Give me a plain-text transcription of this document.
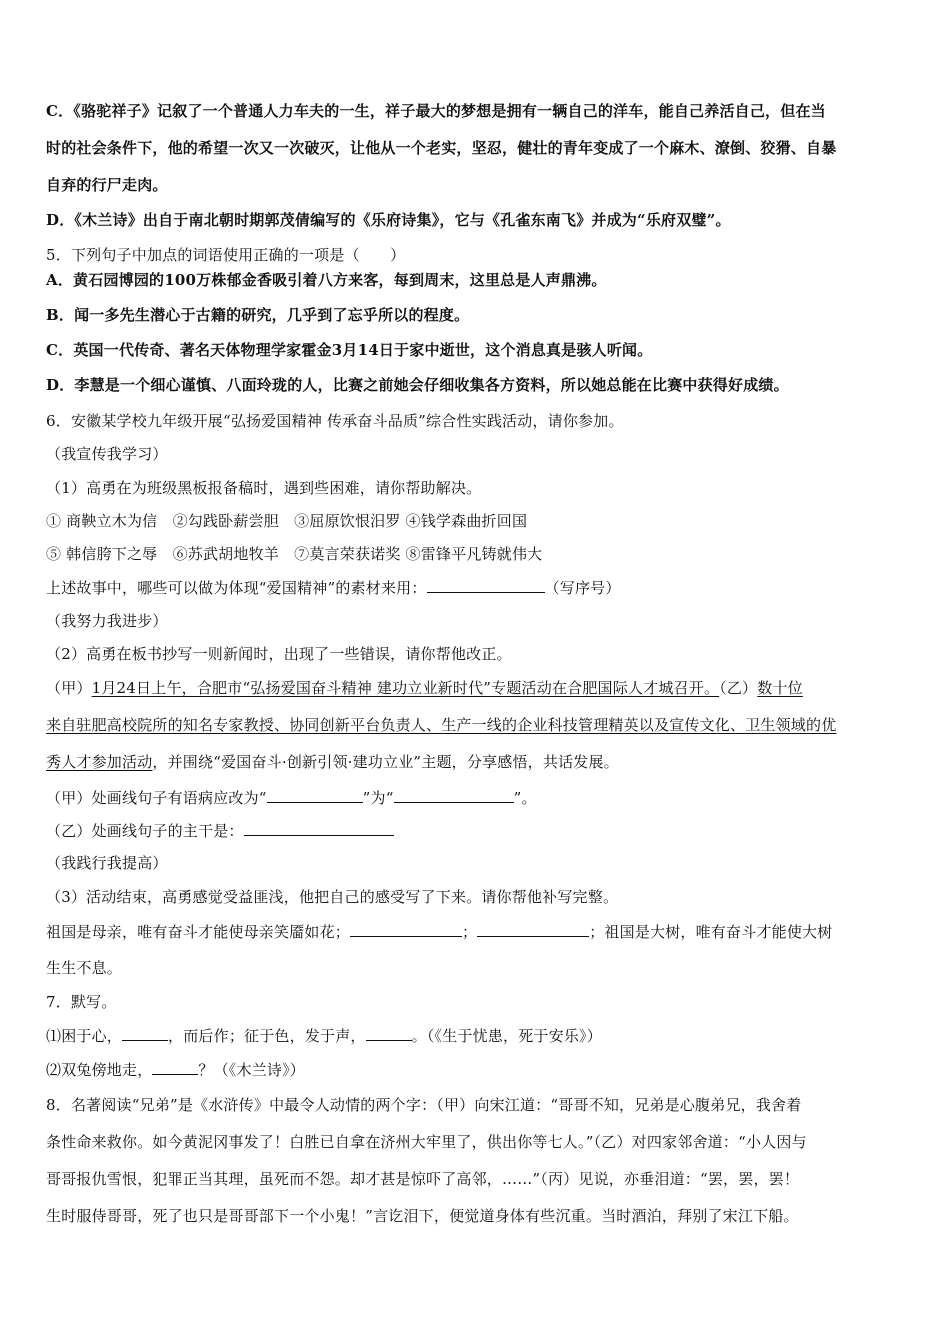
C．《骆驼祥子》记叙了一个普通人力车夫的一生，祥子最大的梦想是拥有一辆自己的洋车，能自己养活自己，但在当
时的社会条件下，他的希望一次又一次破灭，让他从一个老实，坚忍，健壮的青年变成了一个麻木、潦倒、狡猾、自暴
自弃的行尸走肉。
D．《木兰诗》出自于南北朝时期郭茂倩编写的《乐府诗集》，它与《孔雀东南飞》并成为“乐府双璧”。
5．下列句子中加点的词语使用正确的一项是（　　）
A．黄石园博园的100万株郁金香吸引着八方来客，每到周末，这里总是人声鼎沸。
B．闻一多先生潜心于古籍的研究，几乎到了忘乎所以的程度。
C．英国一代传奇、著名天体物理学家霍金3月14日于家中逝世，这个消息真是骇人听闻。
D．李慧是一个细心谨慎、八面玲珑的人，比赛之前她会仔细收集各方资料，所以她总能在比赛中获得好成绩。
6．安徽某学校九年级开展“弘扬爱国精神 传承奋斗品质”综合性实践活动，请你参加。
（我宣传我学习）
（1）高勇在为班级黑板报备稿时，遇到些困难，请你帮助解决。
① 商鞅立木为信　②勾践卧薪尝胆　③屈原饮恨汨罗 ④钱学森曲折回国
⑤ 韩信胯下之辱　⑥苏武胡地牧羊　⑦莫言荣获诺奖 ⑧雷锋平凡铸就伟大
上述故事中，哪些可以做为体现“爱国精神”的素材来用：	（写序号）
（我努力我进步）
（2）高勇在板书抄写一则新闻时，出现了一些错误，请你帮他改正。
（甲）1月24日上午，合肥市“弘扬爱国奋斗精神 建功立业新时代”专题活动在合肥国际人才城召开。（乙）数十位
来自驻肥高校院所的知名专家教授、协同创新平台负责人、生产一线的企业科技管理精英以及宣传文化、卫生领域的优
秀人才参加活动，并围绕“爱国奋斗·创新引领·建功立业”主题，分享感悟，共话发展。
（甲）处画线句子有语病应改为“	”为“	”。
（乙）处画线句子的主干是：
（我践行我提高）
（3）活动结束，高勇感觉受益匪浅，他把自己的感受写了下来。请你帮他补写完整。
祖国是母亲，唯有奋斗才能使母亲笑靥如花；	；	；祖国是大树，唯有奋斗才能使大树
生生不息。
7．默写。
⑴困于心，	，而后作；征于色，发于声，	。（《生于忧患，死于安乐》）
⑵双兔傍地走，	？（《木兰诗》）
8．名著阅读“兄弟”是《水浒传》中最令人动情的两个字：（甲）向宋江道：“哥哥不知，兄弟是心腹弟兄，我舍着
条性命来救你。如今黄泥冈事发了！白胜已自拿在济州大牢里了，供出你等七人。”（乙）对四家邻舍道：“小人因与
哥哥报仇雪恨，犯罪正当其理，虽死而不怨。却才甚是惊吓了高邻，……”（丙）见说，亦垂泪道：“罢，罢，罢！
生时服侍哥哥，死了也只是哥哥部下一个小鬼！”言讫泪下，便觉道身体有些沉重。当时酒泊，拜别了宋江下船。
